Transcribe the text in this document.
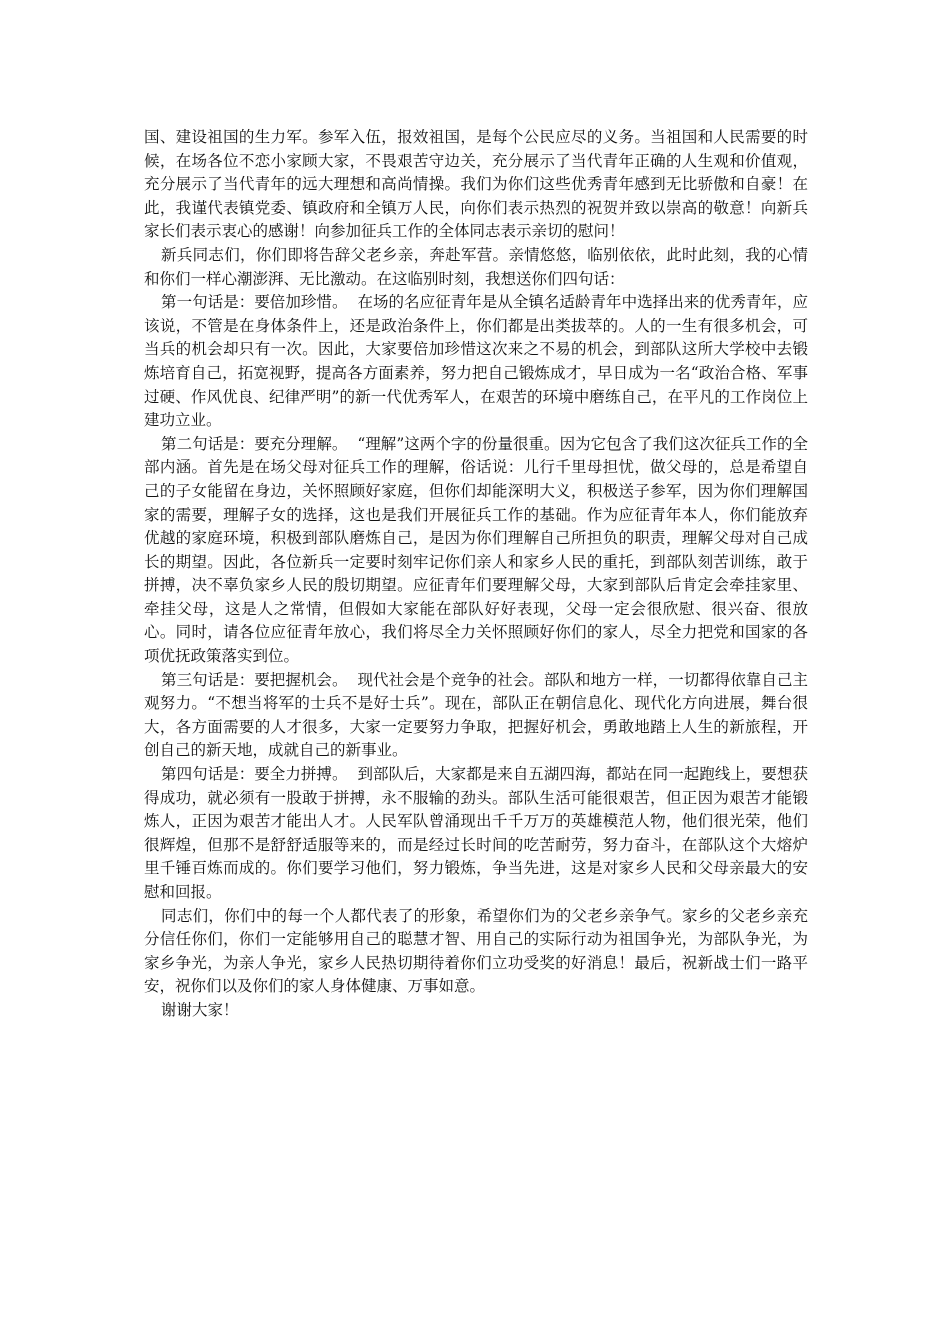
国、建设祖国的生力军。参军入伍，报效祖国，是每个公民应尽的义务。当祖国和人民需要的时候，在场各位不恋小家顾大家，不畏艰苦守边关，充分展示了当代青年正确的人生观和价值观，充分展示了当代青年的远大理想和高尚情操。我们为你们这些优秀青年感到无比骄傲和自豪！在此，我谨代表镇党委、镇政府和全镇万人民，向你们表示热烈的祝贺并致以崇高的敬意！向新兵家长们表示衷心的感谢！向参加征兵工作的全体同志表示亲切的慰问！

新兵同志们，你们即将告辞父老乡亲，奔赴军营。亲情悠悠，临别依依，此时此刻，我的心情和你们一样心潮澎湃、无比激动。在这临别时刻，我想送你们四句话：

第一句话是：要倍加珍惜。  在场的名应征青年是从全镇名适龄青年中选择出来的优秀青年，应该说，不管是在身体条件上，还是政治条件上，你们都是出类拔萃的。人的一生有很多机会，可当兵的机会却只有一次。因此，大家要倍加珍惜这次来之不易的机会，到部队这所大学校中去锻炼培育自己，拓宽视野，提高各方面素养，努力把自己锻炼成才，早日成为一名“政治合格、军事过硬、作风优良、纪律严明”的新一代优秀军人，在艰苦的环境中磨练自己，在平凡的工作岗位上建功立业。

第二句话是：要充分理解。  “理解”这两个字的份量很重。因为它包含了我们这次征兵工作的全部内涵。首先是在场父母对征兵工作的理解，俗话说：儿行千里母担忧，做父母的，总是希望自己的子女能留在身边，关怀照顾好家庭，但你们却能深明大义，积极送子参军，因为你们理解国家的需要，理解子女的选择，这也是我们开展征兵工作的基础。作为应征青年本人，你们能放弃优越的家庭环境，积极到部队磨炼自己，是因为你们理解自己所担负的职责，理解父母对自己成长的期望。因此，各位新兵一定要时刻牢记你们亲人和家乡人民的重托，到部队刻苦训练，敢于拼搏，决不辜负家乡人民的殷切期望。应征青年们要理解父母，大家到部队后肯定会牵挂家里、牵挂父母，这是人之常情，但假如大家能在部队好好表现，父母一定会很欣慰、很兴奋、很放心。同时，请各位应征青年放心，我们将尽全力关怀照顾好你们的家人，尽全力把党和国家的各项优抚政策落实到位。

第三句话是：要把握机会。  现代社会是个竞争的社会。部队和地方一样，一切都得依靠自己主观努力。“不想当将军的士兵不是好士兵”。现在，部队正在朝信息化、现代化方向进展，舞台很大，各方面需要的人才很多，大家一定要努力争取，把握好机会，勇敢地踏上人生的新旅程，开创自己的新天地，成就自己的新事业。

第四句话是：要全力拼搏。  到部队后，大家都是来自五湖四海，都站在同一起跑线上，要想获得成功，就必须有一股敢于拼搏，永不服输的劲头。部队生活可能很艰苦，但正因为艰苦才能锻炼人，正因为艰苦才能出人才。人民军队曾涌现出千千万万的英雄模范人物，他们很光荣，他们很辉煌，但那不是舒舒适服等来的，而是经过长时间的吃苦耐劳，努力奋斗，在部队这个大熔炉里千锤百炼而成的。你们要学习他们，努力锻炼，争当先进，这是对家乡人民和父母亲最大的安慰和回报。

同志们，你们中的每一个人都代表了的形象，希望你们为的父老乡亲争气。家乡的父老乡亲充分信任你们，你们一定能够用自己的聪慧才智、用自己的实际行动为祖国争光，为部队争光，为家乡争光，为亲人争光，家乡人民热切期待着你们立功受奖的好消息！最后，祝新战士们一路平安，祝你们以及你们的家人身体健康、万事如意。

谢谢大家！
